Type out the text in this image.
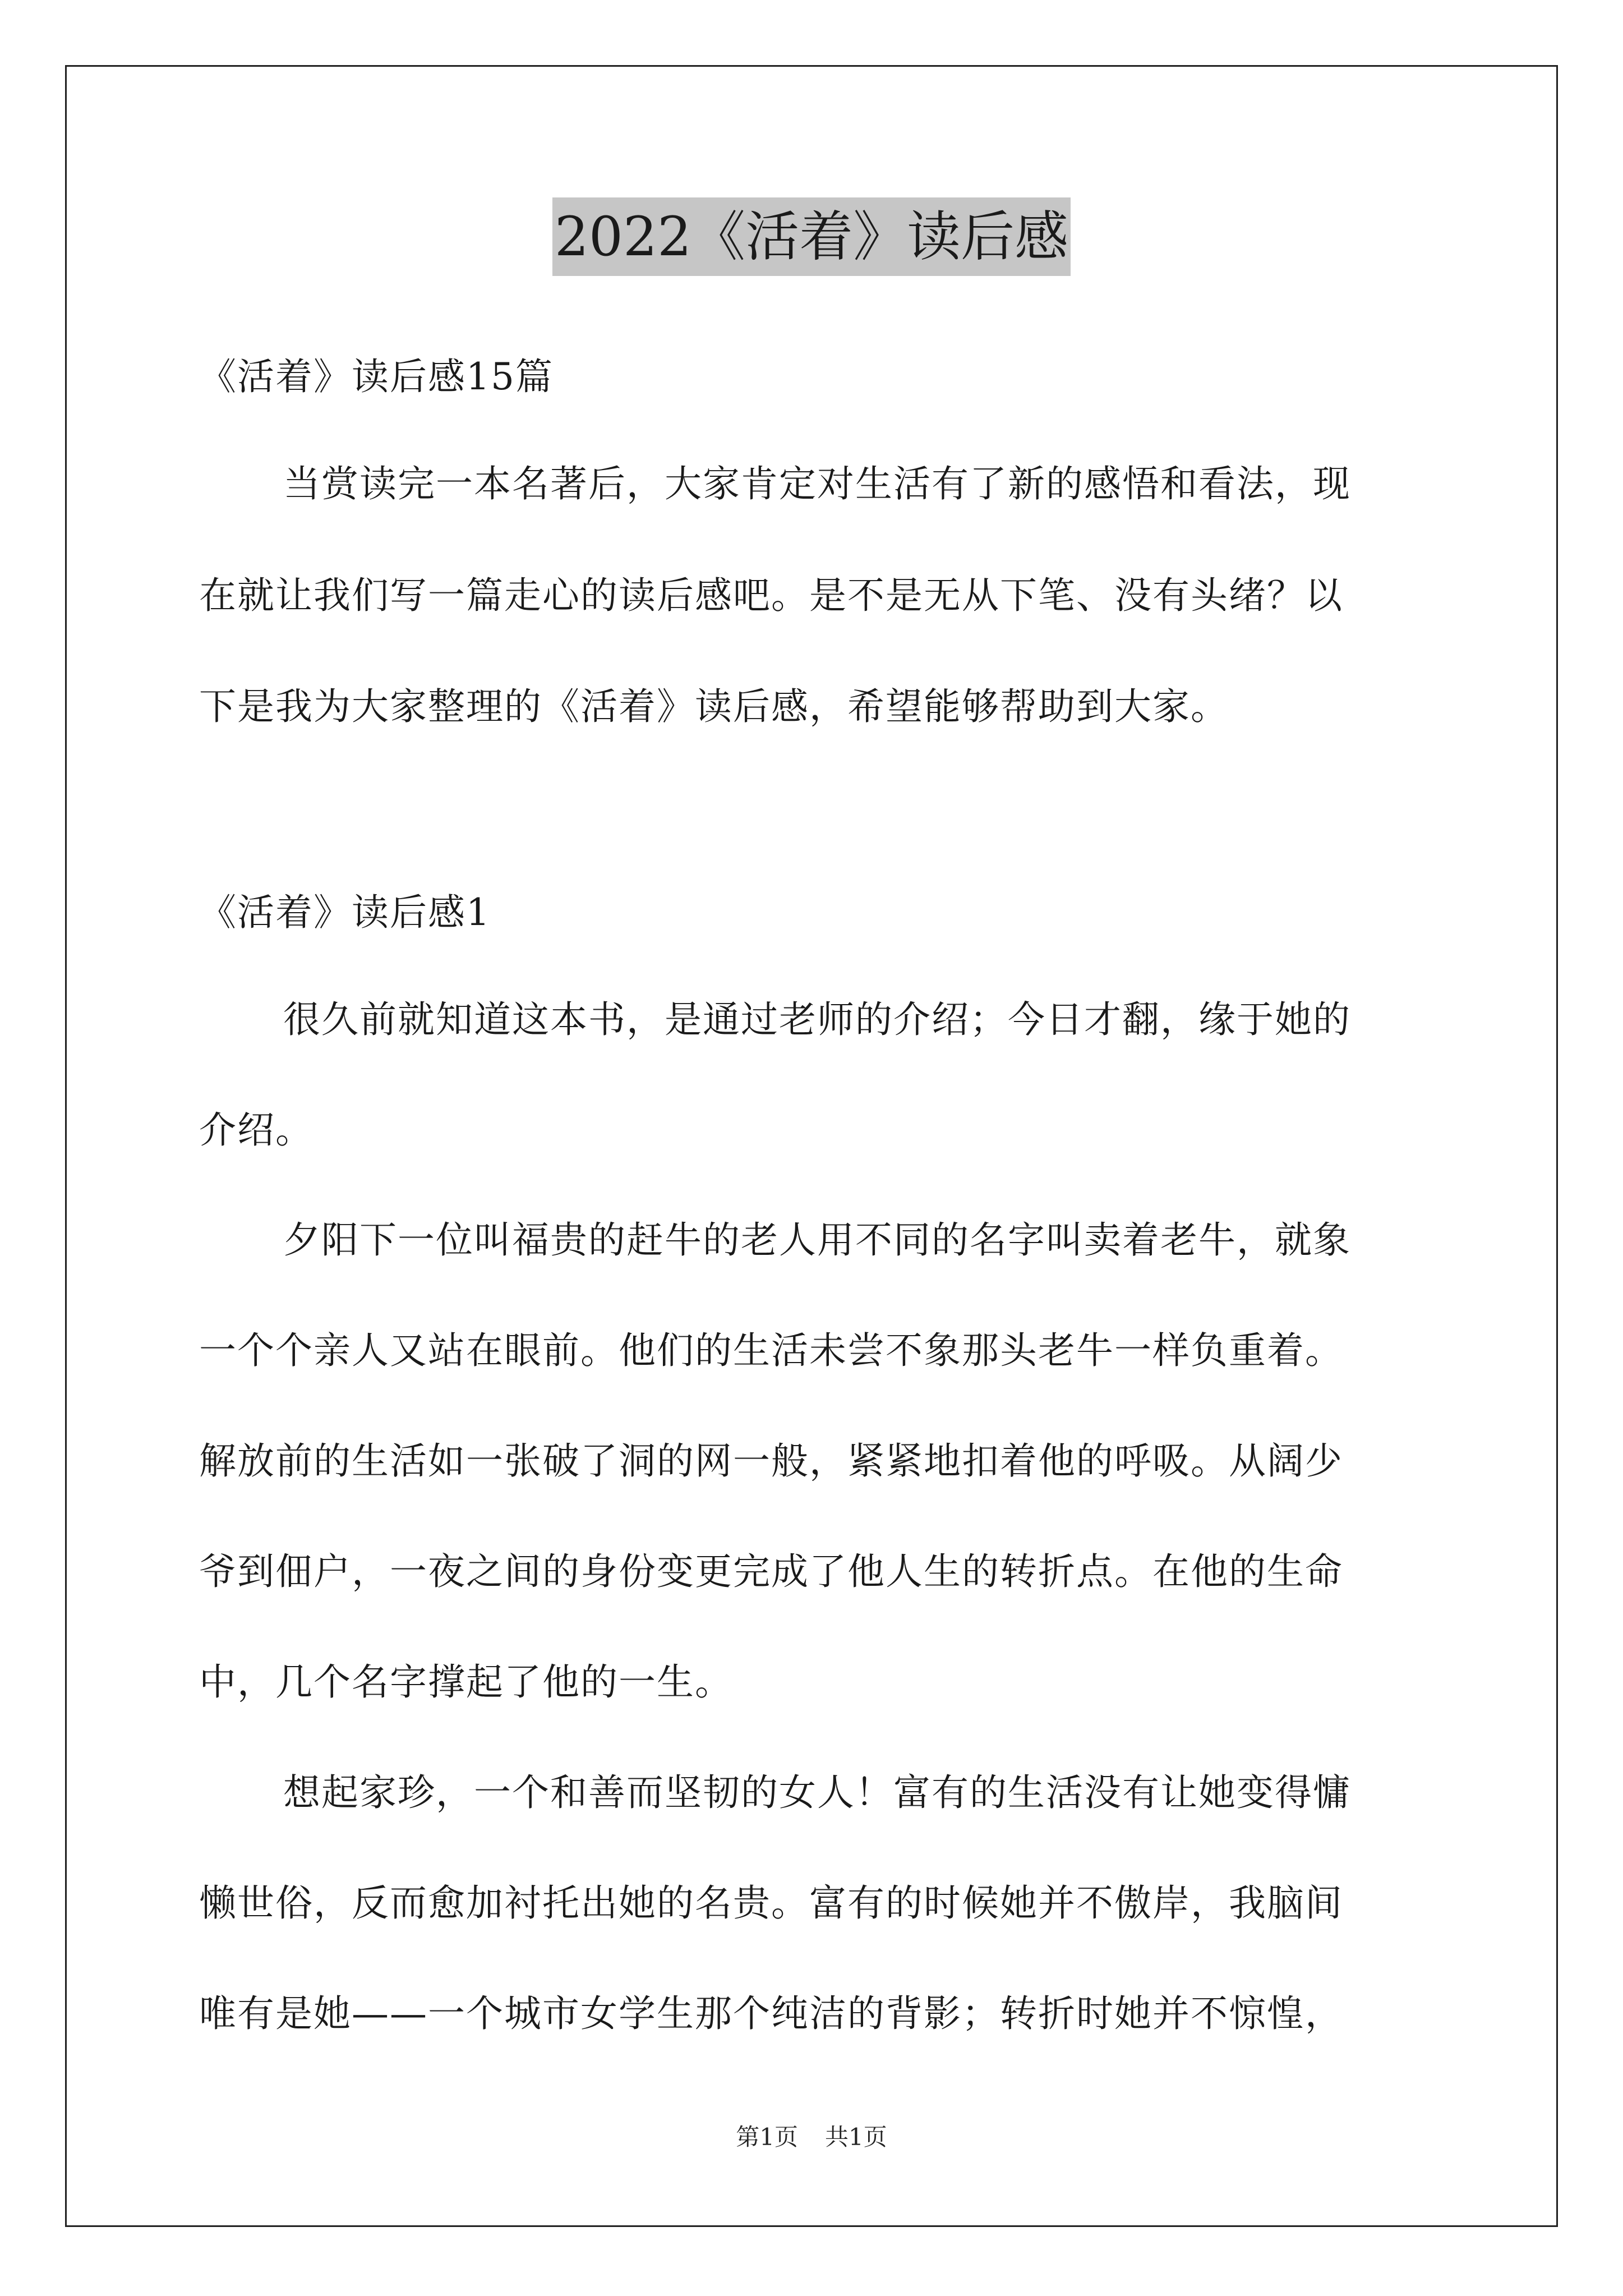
2022《活着》读后感
《活着》读后感15篇
当赏读完一本名著后，大家肯定对生活有了新的感悟和看法，现
在就让我们写一篇走心的读后感吧。是不是无从下笔、没有头绪？以
下是我为大家整理的《活着》读后感，希望能够帮助到大家。
《活着》读后感1
很久前就知道这本书，是通过老师的介绍；今日才翻，缘于她的
介绍。
夕阳下一位叫福贵的赶牛的老人用不同的名字叫卖着老牛，就象
一个个亲人又站在眼前。他们的生活未尝不象那头老牛一样负重着。
解放前的生活如一张破了洞的网一般，紧紧地扣着他的呼吸。从阔少
爷到佃户，一夜之间的身份变更完成了他人生的转折点。在他的生命
中，几个名字撑起了他的一生。
想起家珍，一个和善而坚韧的女人！富有的生活没有让她变得慵
懒世俗，反而愈加衬托出她的名贵。富有的时候她并不傲岸，我脑间
唯有是她——一个城市女学生那个纯洁的背影；转折时她并不惊惶，
第1页 共1页
